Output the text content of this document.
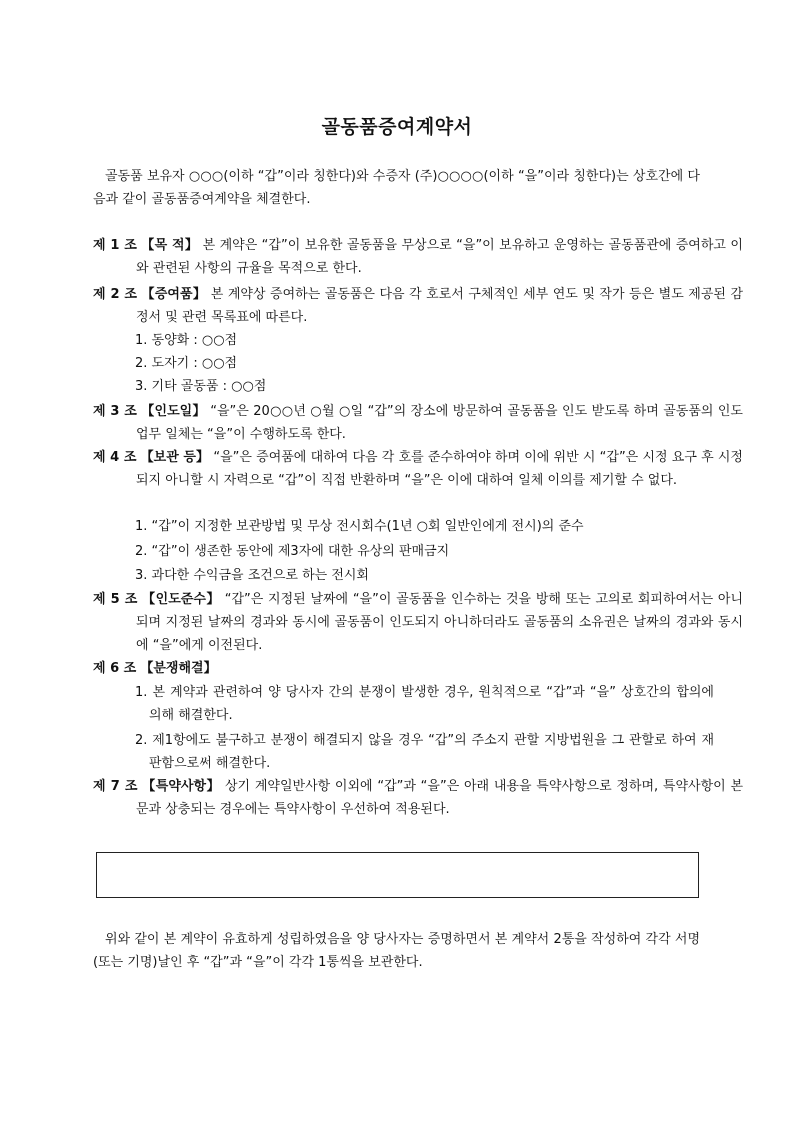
골동품증여계약서

골동품 보유자 ○○○(이하 “갑”이라 칭한다)와 수증자 (주)○○○○(이하 “을”이라 칭한다)는 상호간에 다음과 같이 골동품증여계약을 체결한다.

제 1 조 【목 적】 본 계약은 “갑”이 보유한 골동품을 무상으로 “을”이 보유하고 운영하는 골동품관에 증여하고 이와 관련된 사항의 규율을 목적으로 한다.

제 2 조 【증여품】 본 계약상 증여하는 골동품은 다음 각 호로서 구체적인 세부 연도 및 작가 등은 별도 제공된 감정서 및 관련 목록표에 따른다.

1. 동양화 : ○○점

2. 도자기 : ○○점

3. 기타 골동품 : ○○점

제 3 조 【인도일】 “을”은 20○○년 ○월 ○일 “갑”의 장소에 방문하여 골동품을 인도 받도록 하며 골동품의 인도업무 일체는 “을”이 수행하도록 한다.

제 4 조 【보관 등】 “을”은 증여품에 대하여 다음 각 호를 준수하여야 하며 이에 위반 시 “갑”은 시정 요구 후 시정되지 아니할 시 자력으로 “갑”이 직접 반환하며 “을”은 이에 대하여 일체 이의를 제기할 수 없다.

1. “갑”이 지정한 보관방법 및 무상 전시회수(1년 ○회 일반인에게 전시)의 준수

2. “갑”이 생존한 동안에 제3자에 대한 유상의 판매금지

3. 과다한 수익금을 조건으로 하는 전시회

제 5 조 【인도준수】 “갑”은 지정된 날짜에 “을”이 골동품을 인수하는 것을 방해 또는 고의로 회피하여서는 아니되며 지정된 날짜의 경과와 동시에 골동품이 인도되지 아니하더라도 골동품의 소유권은 날짜의 경과와 동시에 “을”에게 이전된다.

제 6 조 【분쟁해결】

1. 본 계약과 관련하여 양 당사자 간의 분쟁이 발생한 경우, 원칙적으로 “갑”과 “을” 상호간의 합의에 의해 해결한다.

2. 제1항에도 불구하고 분쟁이 해결되지 않을 경우 “갑”의 주소지 관할 지방법원을 그 관할로 하여 재판함으로써 해결한다.

제 7 조 【특약사항】 상기 계약일반사항 이외에 “갑”과 “을”은 아래 내용을 특약사항으로 정하며, 특약사항이 본문과 상충되는 경우에는 특약사항이 우선하여 적용된다.

위와 같이 본 계약이 유효하게 성립하였음을 양 당사자는 증명하면서 본 계약서 2통을 작성하여 각각 서명(또는 기명)날인 후 “갑”과 “을”이 각각 1통씩을 보관한다.
